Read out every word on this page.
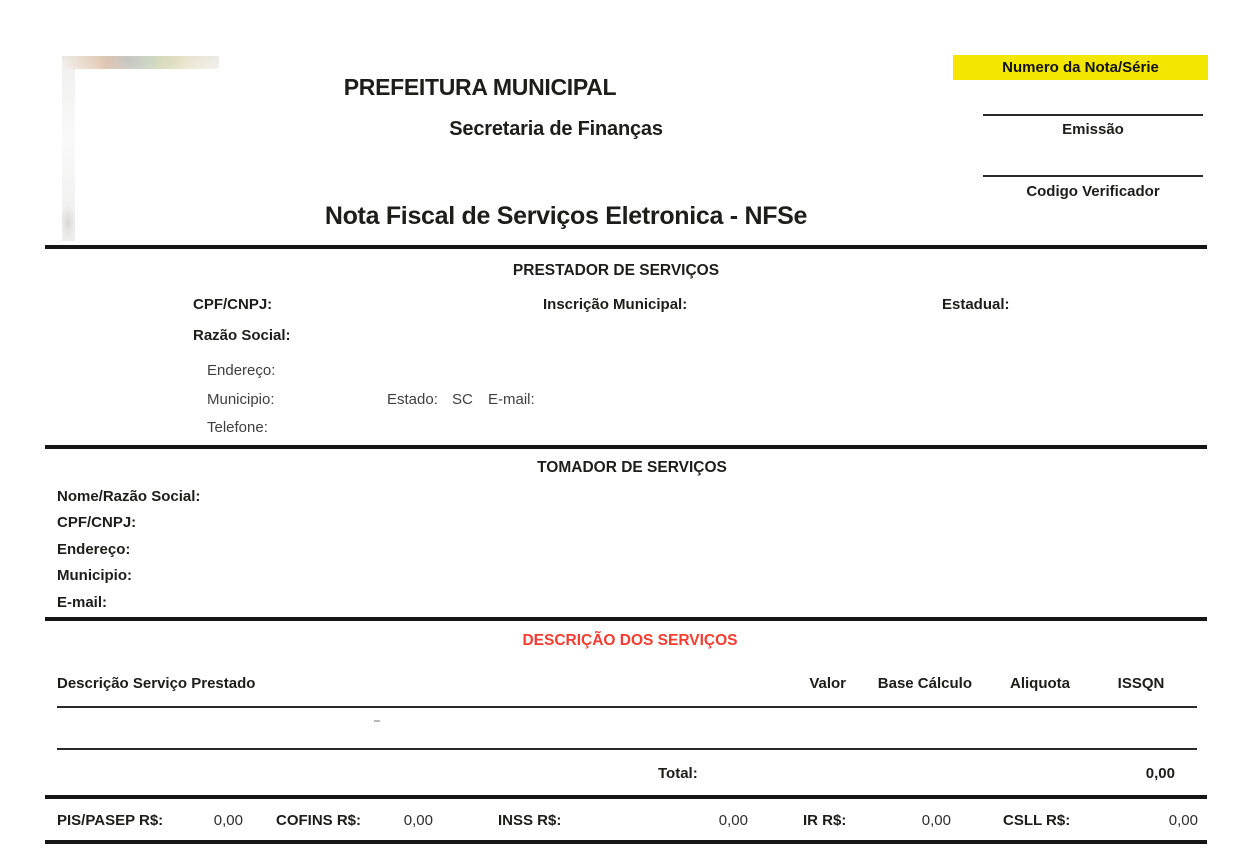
PREFEITURA MUNICIPAL
Secretaria de Finanças
Nota Fiscal de Serviços Eletronica - NFSe
Numero da Nota/Série
Emissão
Codigo Verificador
PRESTADOR DE SERVIÇOS
CPF/CNPJ:	Inscrição Municipal:	Estadual:
Razão Social:
Endereço:
Municipio:	Estado: SC E-mail:
Telefone:
TOMADOR DE SERVIÇOS
Nome/Razão Social:
CPF/CNPJ:
Endereço:
Municipio:
E-mail:
DESCRIÇÃO DOS SERVIÇOS
Descrição Serviço Prestado	Valor	Base Cálculo	Aliquota	ISSQN
Total:	0,00
PIS/PASEP R$:	0,00 COFINS R$:	0,00	INSS R$:	0,00	IR R$:	0,00	CSLL R$:	0,00
